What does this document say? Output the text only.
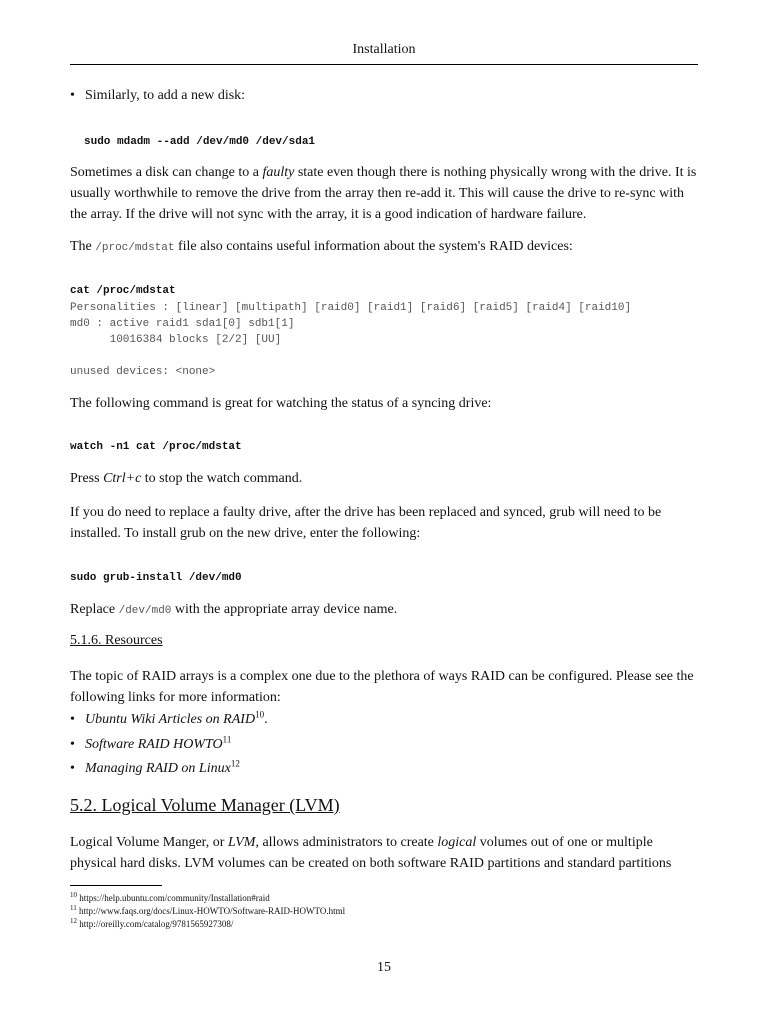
Installation
• Similarly, to add a new disk:
sudo mdadm --add /dev/md0 /dev/sda1
Sometimes a disk can change to a faulty state even though there is nothing physically wrong with the drive. It is usually worthwhile to remove the drive from the array then re-add it. This will cause the drive to re-sync with the array. If the drive will not sync with the array, it is a good indication of hardware failure.
The /proc/mdstat file also contains useful information about the system's RAID devices:
cat /proc/mdstat
Personalities : [linear] [multipath] [raid0] [raid1] [raid6] [raid5] [raid4] [raid10]
md0 : active raid1 sda1[0] sdb1[1]
10016384 blocks [2/2] [UU]
unused devices: <none>
The following command is great for watching the status of a syncing drive:
watch -n1 cat /proc/mdstat
Press Ctrl+c to stop the watch command.
If you do need to replace a faulty drive, after the drive has been replaced and synced, grub will need to be installed. To install grub on the new drive, enter the following:
sudo grub-install /dev/md0
Replace /dev/md0 with the appropriate array device name.
5.1.6. Resources
The topic of RAID arrays is a complex one due to the plethora of ways RAID can be configured. Please see the following links for more information:
• Ubuntu Wiki Articles on RAID$^{10}$.
• Software RAID HOWTO$^{11}$
• Managing RAID on Linux$^{12}$
5.2. Logical Volume Manager (LVM)
Logical Volume Manger, or LVM, allows administrators to create logical volumes out of one or multiple physical hard disks. LVM volumes can be created on both software RAID partitions and standard partitions
$^{10}$ https://help.ubuntu.com/community/Installation#raid
$^{11}$ http://www.faqs.org/docs/Linux-HOWTO/Software-RAID-HOWTO.html
$^{12}$ http://oreilly.com/catalog/9781565927308/
15
